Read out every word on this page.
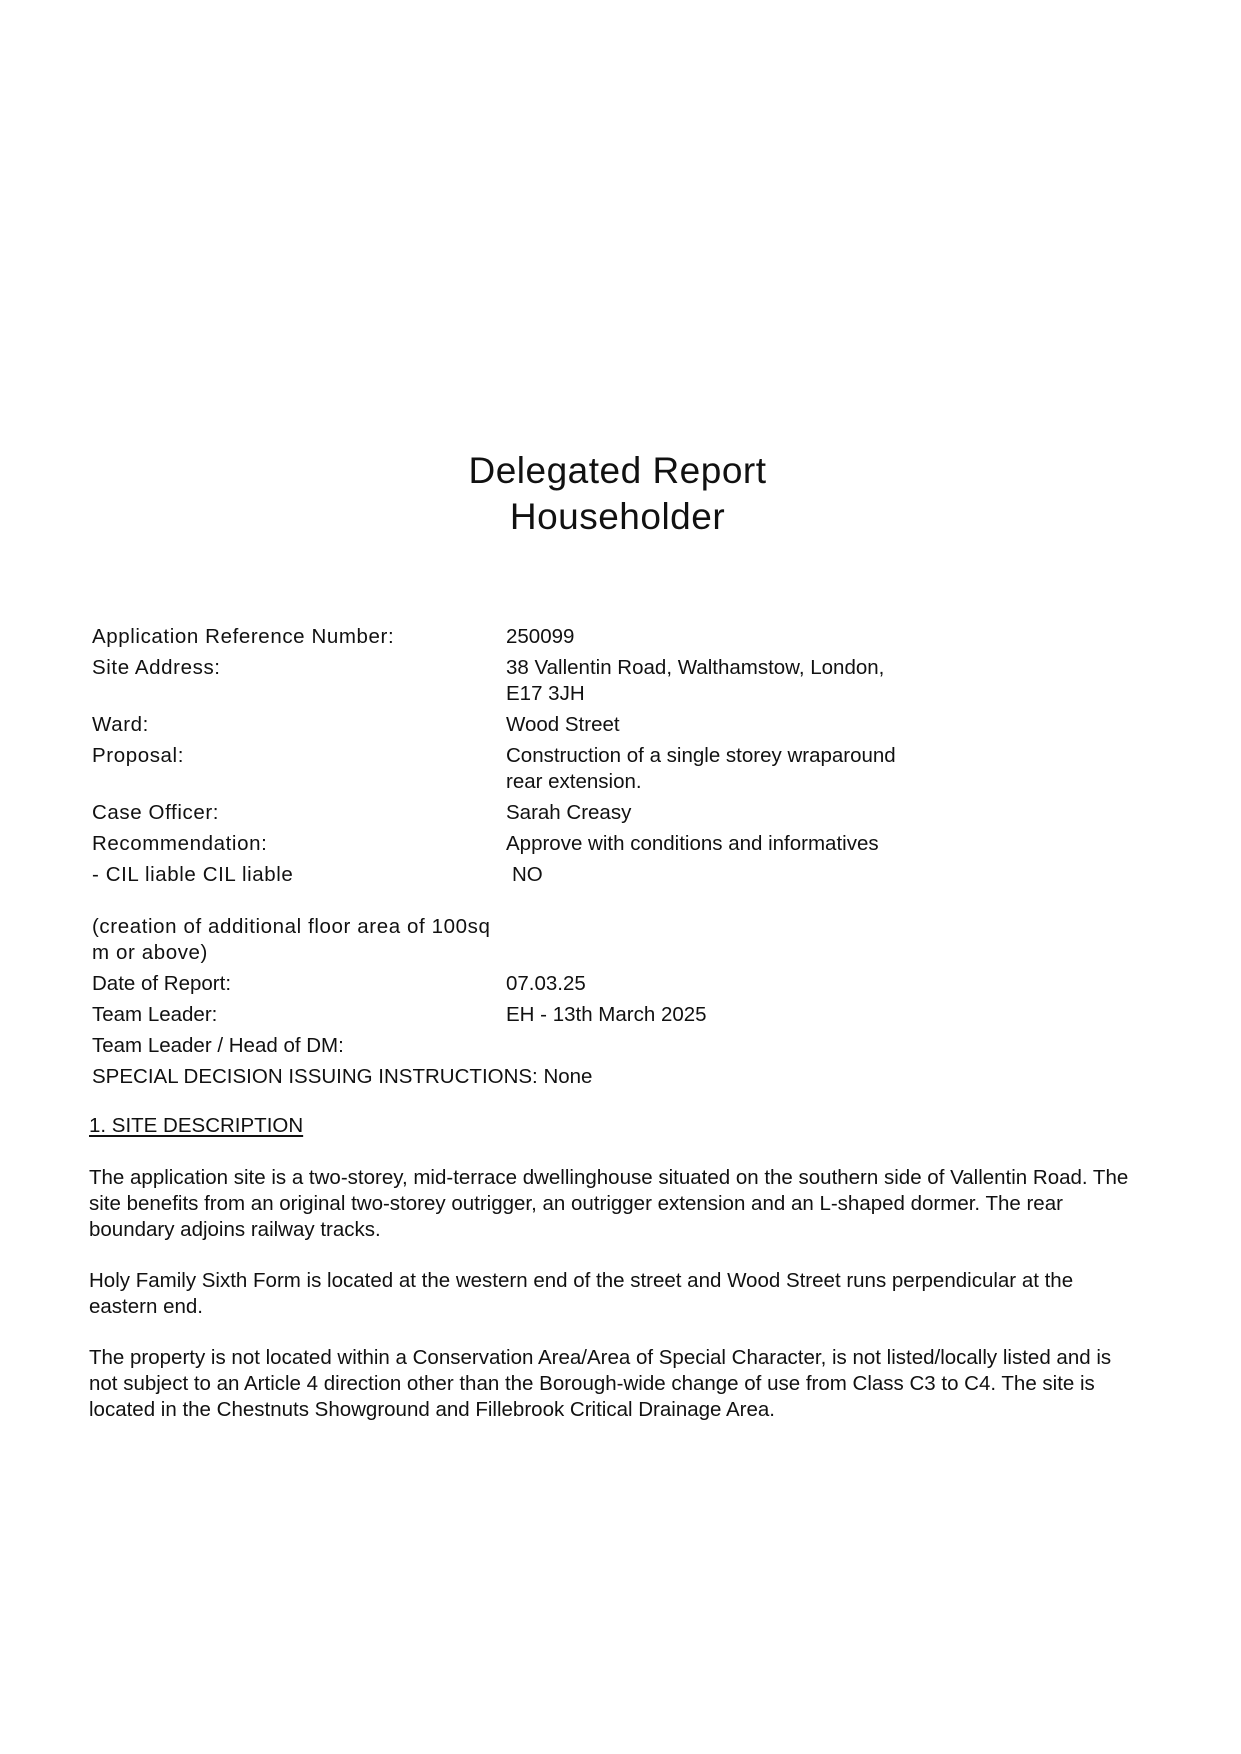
Delegated Report
Householder
Application Reference Number:	250099
Site Address:	38 Vallentin Road, Walthamstow, London,
E17 3JH
Ward:	Wood Street
Proposal:	Construction of a single storey wraparound
rear extension.
Case Officer:	Sarah Creasy
Recommendation:	Approve with conditions and informatives
- CIL liable CIL liable	NO
(creation of additional floor area of 100sq
m or above)
Date of Report:	07.03.25
Team Leader:	EH - 13th March 2025
Team Leader / Head of DM:
SPECIAL DECISION ISSUING INSTRUCTIONS: None
1. SITE DESCRIPTION
The application site is a two-storey, mid-terrace dwellinghouse situated on the southern side of Vallentin Road. The
site benefits from an original two-storey outrigger, an outrigger extension and an L-shaped dormer. The rear
boundary adjoins railway tracks.
Holy Family Sixth Form is located at the western end of the street and Wood Street runs perpendicular at the
eastern end.
The property is not located within a Conservation Area/Area of Special Character, is not listed/locally listed and is
not subject to an Article 4 direction other than the Borough-wide change of use from Class C3 to C4. The site is
located in the Chestnuts Showground and Fillebrook Critical Drainage Area.
